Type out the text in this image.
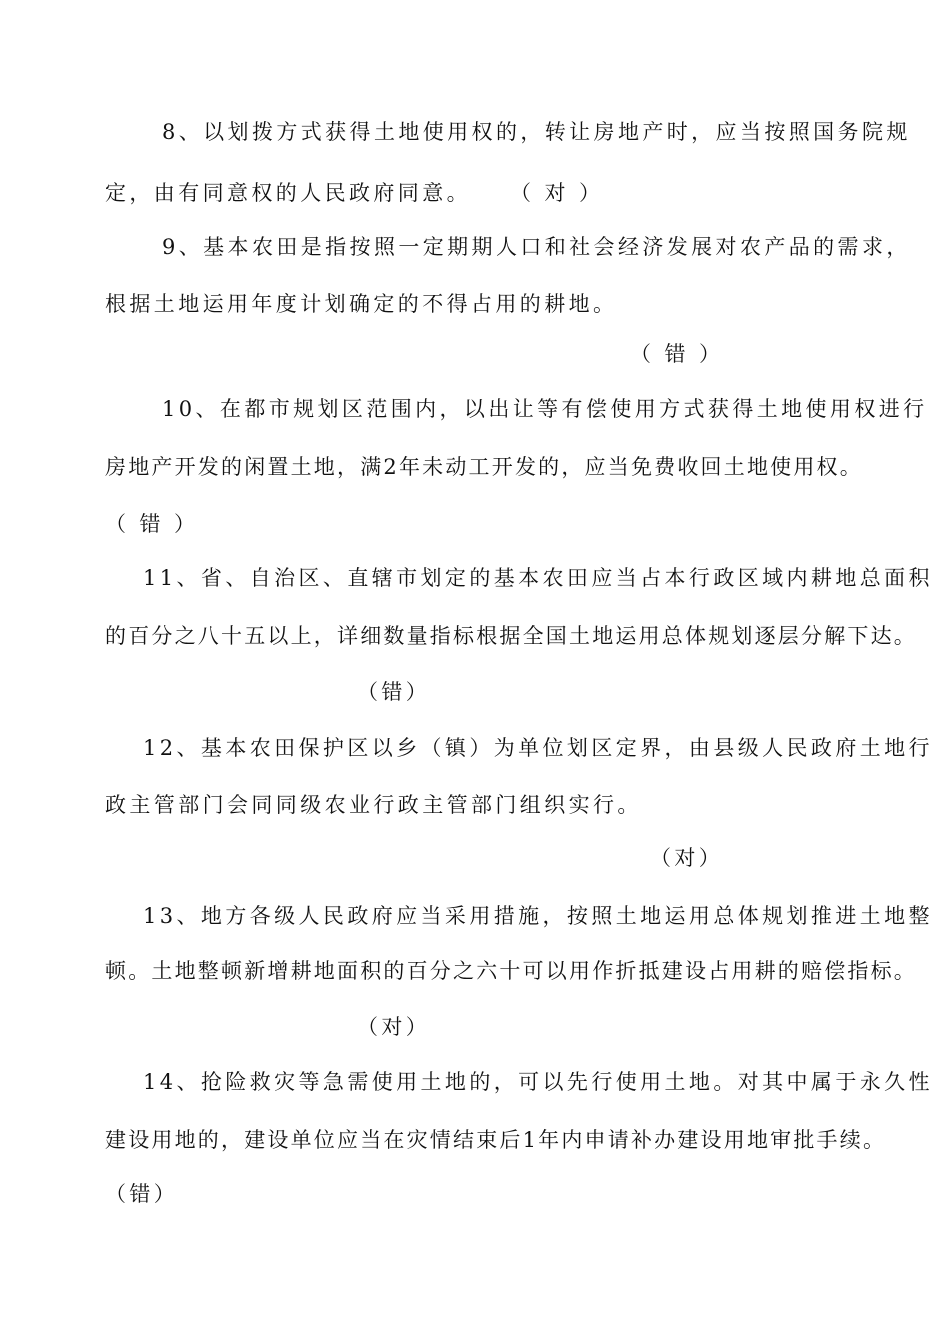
8、以划拨方式获得土地使用权的，转让房地产时，应当按照国务院规
定，由有同意权的人民政府同意。 （ 对 ）
9、基本农田是指按照一定期期人口和社会经济发展对农产品的需求，
根据土地运用年度计划确定的不得占用的耕地。
（ 错 ）
10、在都市规划区范围内，以出让等有偿使用方式获得土地使用权进行
房地产开发的闲置土地，满2年未动工开发的，应当免费收回土地使用权。
（ 错 ）
11、省、自治区、直辖市划定的基本农田应当占本行政区域内耕地总面积
的百分之八十五以上，详细数量指标根据全国土地运用总体规划逐层分解下达。
（错）
12、基本农田保护区以乡（镇）为单位划区定界，由县级人民政府土地行
政主管部门会同同级农业行政主管部门组织实行。
（对）
13、地方各级人民政府应当采用措施，按照土地运用总体规划推进土地整
顿。土地整顿新增耕地面积的百分之六十可以用作折抵建设占用耕的赔偿指标。
（对）
14、抢险救灾等急需使用土地的，可以先行使用土地。对其中属于永久性
建设用地的，建设单位应当在灾情结束后1年内申请补办建设用地审批手续。
（错）
